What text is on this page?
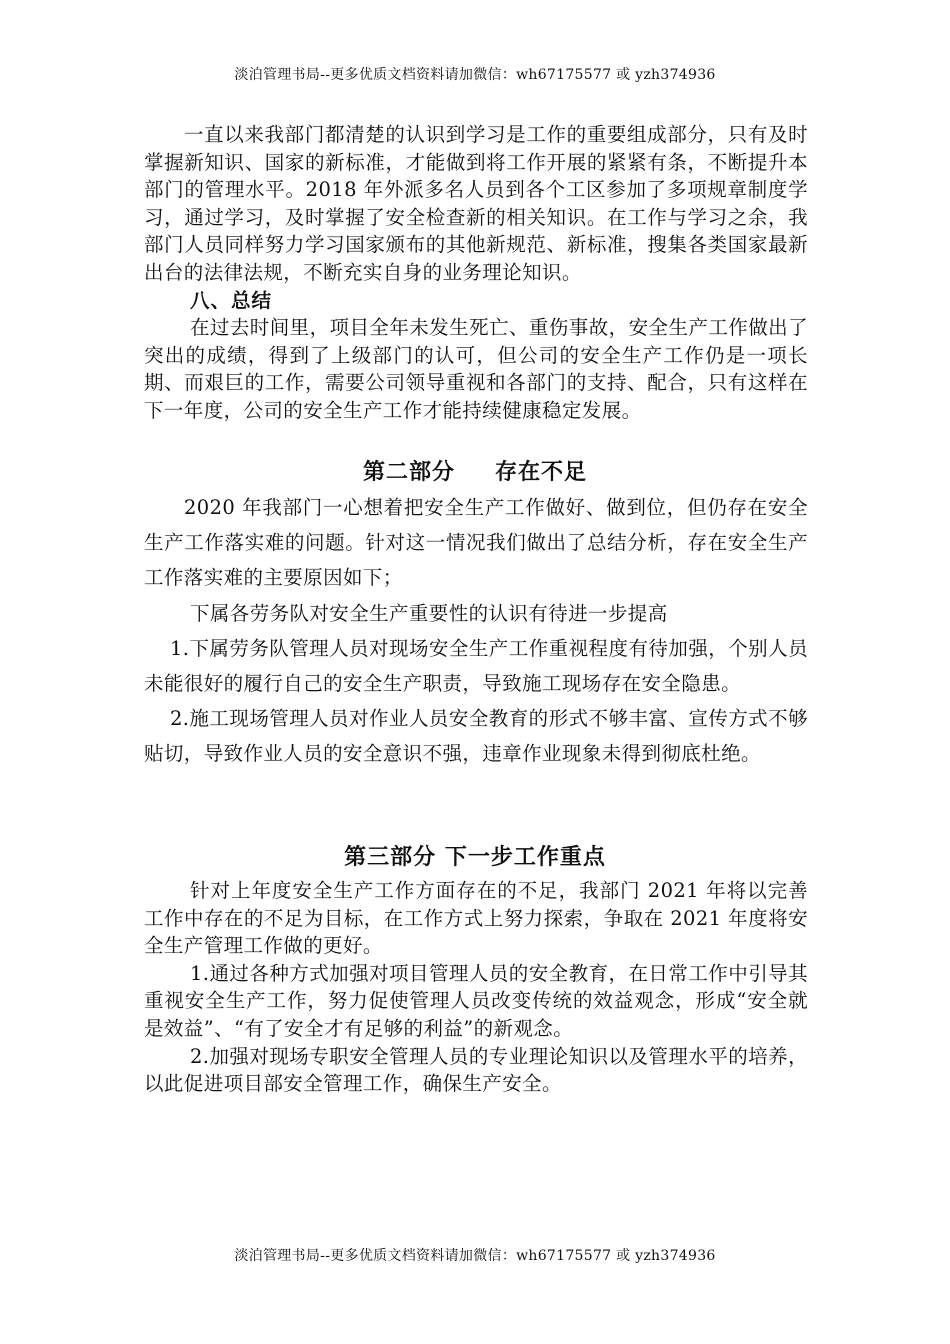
淡泊管理书局--更多优质文档资料请加微信：wh67175577 或 yzh374936

一直以来我部门都清楚的认识到学习是工作的重要组成部分，只有及时掌握新知识、国家的新标准，才能做到将工作开展的紧紧有条，不断提升本部门的管理水平。2018 年外派多名人员到各个工区参加了多项规章制度学习，通过学习，及时掌握了安全检查新的相关知识。在工作与学习之余，我部门人员同样努力学习国家颁布的其他新规范、新标准，搜集各类国家最新出台的法律法规，不断充实自身的业务理论知识。

八、总结

在过去时间里，项目全年未发生死亡、重伤事故，安全生产工作做出了突出的成绩，得到了上级部门的认可，但公司的安全生产工作仍是一项长期、而艰巨的工作，需要公司领导重视和各部门的支持、配合，只有这样在下一年度，公司的安全生产工作才能持续健康稳定发展。

第二部分 存在不足

2020 年我部门一心想着把安全生产工作做好、做到位，但仍存在安全生产工作落实难的问题。针对这一情况我们做出了总结分析，存在安全生产工作落实难的主要原因如下；

下属各劳务队对安全生产重要性的认识有待进一步提高

1.下属劳务队管理人员对现场安全生产工作重视程度有待加强，个别人员未能很好的履行自己的安全生产职责，导致施工现场存在安全隐患。

2.施工现场管理人员对作业人员安全教育的形式不够丰富、宣传方式不够贴切，导致作业人员的安全意识不强，违章作业现象未得到彻底杜绝。

第三部分 下一步工作重点

针对上年度安全生产工作方面存在的不足，我部门 2021 年将以完善工作中存在的不足为目标，在工作方式上努力探索，争取在 2021 年度将安全生产管理工作做的更好。

1.通过各种方式加强对项目管理人员的安全教育，在日常工作中引导其重视安全生产工作，努力促使管理人员改变传统的效益观念，形成“安全就是效益”、“有了安全才有足够的利益”的新观念。

2.加强对现场专职安全管理人员的专业理论知识以及管理水平的培养，以此促进项目部安全管理工作，确保生产安全。

淡泊管理书局--更多优质文档资料请加微信：wh67175577 或 yzh374936
